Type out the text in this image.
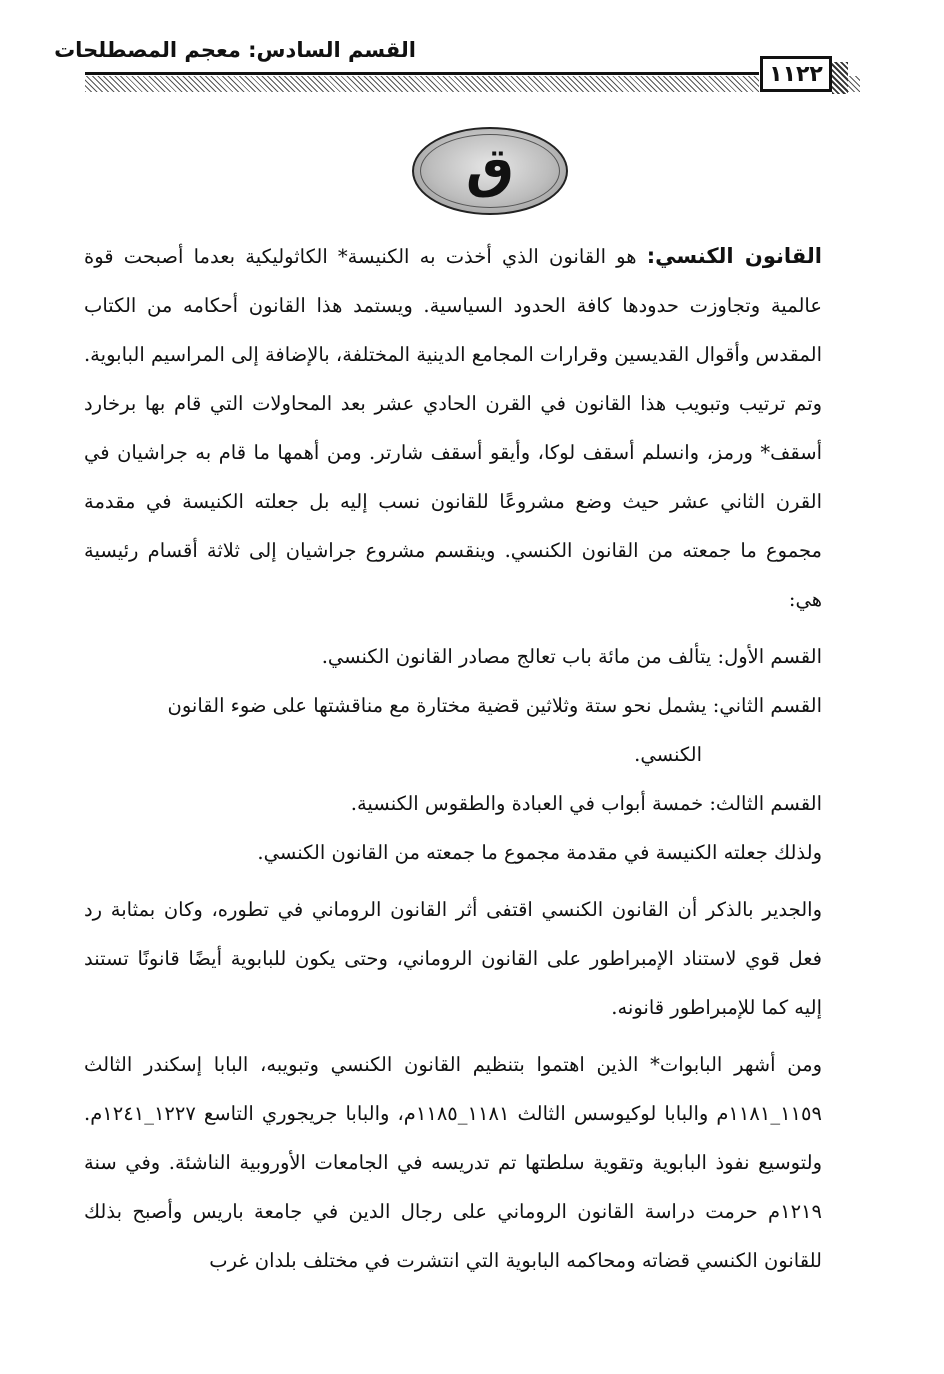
القسم السادس: معجم المصطلحات
١١٢٢
ق

القانون الكنسي: هو القانون الذي أخذت به الكنيسة* الكاثوليكية بعدما أصبحت قوة عالمية وتجاوزت حدودها كافة الحدود السياسية. ويستمد هذا القانون أحكامه من الكتاب المقدس وأقوال القديسين وقرارات المجامع الدينية المختلفة، بالإضافة إلى المراسيم البابوية. وتم ترتيب وتبويب هذا القانون في القرن الحادي عشر بعد المحاولات التي قام بها برخارد أسقف* ورمز، وانسلم أسقف لوكا، وأيقو أسقف شارتر. ومن أهمها ما قام به جراشيان في القرن الثاني عشر حيث وضع مشروعًا للقانون نسب إليه بل جعلته الكنيسة في مقدمة مجموع ما جمعته من القانون الكنسي. وينقسم مشروع جراشيان إلى ثلاثة أقسام رئيسية هي:

القسم الأول: يتألف من مائة باب تعالج مصادر القانون الكنسي.

القسم الثاني: يشمل نحو ستة وثلاثين قضية مختارة مع مناقشتها على ضوء القانون

الكنسي.

القسم الثالث: خمسة أبواب في العبادة والطقوس الكنسية.

ولذلك جعلته الكنيسة في مقدمة مجموع ما جمعته من القانون الكنسي.

والجدير بالذكر أن القانون الكنسي اقتفى أثر القانون الروماني في تطوره، وكان بمثابة رد فعل قوي لاستناد الإمبراطور على القانون الروماني، وحتى يكون للبابوية أيضًا قانونًا تستند إليه كما للإمبراطور قانونه.

ومن أشهر البابوات* الذين اهتموا بتنظيم القانون الكنسي وتبويبه، البابا إسكندر الثالث ١١٥٩_١١٨١م والبابا لوكيوسس الثالث ١١٨١_١١٨٥م، والبابا جريجوري التاسع ١٢٢٧_١٢٤١م. ولتوسيع نفوذ البابوية وتقوية سلطتها تم تدريسه في الجامعات الأوروبية الناشئة. وفي سنة ١٢١٩م حرمت دراسة القانون الروماني على رجال الدين في جامعة باريس وأصبح بذلك للقانون الكنسي قضاته ومحاكمه البابوية التي انتشرت في مختلف بلدان غرب
